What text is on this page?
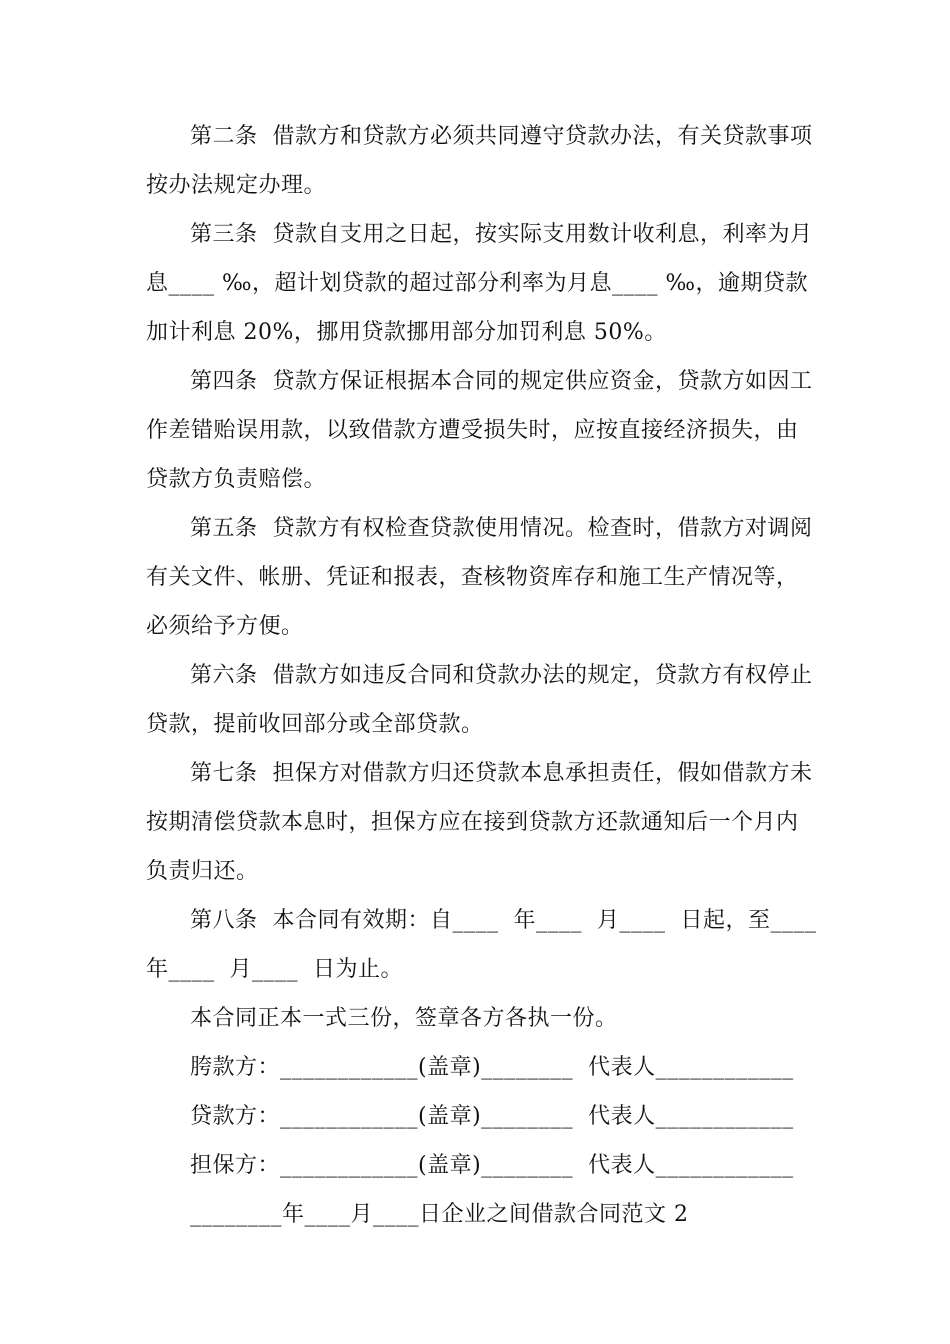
第二条  借款方和贷款方必须共同遵守贷款办法，有关贷款事项
按办法规定办理。
第三条  贷款自支用之日起，按实际支用数计收利息，利率为月
息____ ‰，超计划贷款的超过部分利率为月息____ ‰，逾期贷款
加计利息 20%，挪用贷款挪用部分加罚利息 50%。
第四条  贷款方保证根据本合同的规定供应资金，贷款方如因工
作差错贻误用款，以致借款方遭受损失时，应按直接经济损失，由
贷款方负责赔偿。
第五条  贷款方有权检查贷款使用情况。检查时，借款方对调阅
有关文件、帐册、凭证和报表，查核物资库存和施工生产情况等，
必须给予方便。
第六条  借款方如违反合同和贷款办法的规定，贷款方有权停止
贷款，提前收回部分或全部贷款。
第七条  担保方对借款方归还贷款本息承担责任，假如借款方未
按期清偿贷款本息时，担保方应在接到贷款方还款通知后一个月内
负责归还。
第八条  本合同有效期：自____  年____  月____  日起，至____
年____  月____  日为止。
本合同正本一式三份，签章各方各执一份。
胯款方：____________(盖章)________  代表人____________
贷款方：____________(盖章)________  代表人____________
担保方：____________(盖章)________  代表人____________
________年____月____日企业之间借款合同范文 2
